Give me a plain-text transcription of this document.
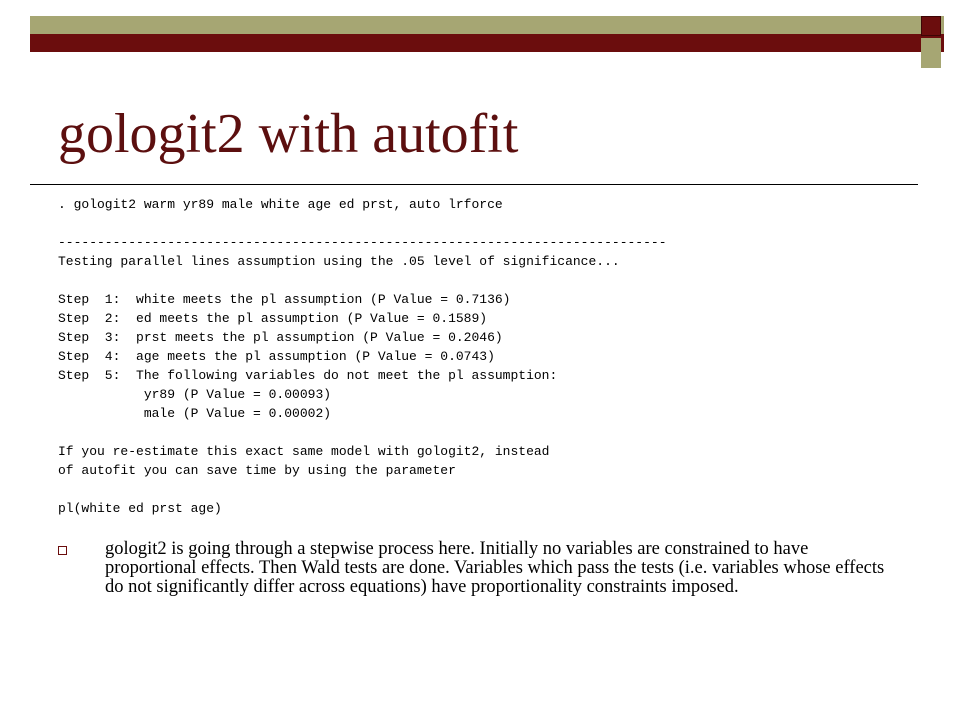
gologit2 with autofit
. gologit2 warm yr89 male white age ed prst, auto lrforce
------------------------------------------------------------------------------
Testing parallel lines assumption using the .05 level of significance...
Step  1:  white meets the pl assumption (P Value = 0.7136)
Step  2:  ed meets the pl assumption (P Value = 0.1589)
Step  3:  prst meets the pl assumption (P Value = 0.2046)
Step  4:  age meets the pl assumption (P Value = 0.0743)
Step  5:  The following variables do not meet the pl assumption:
yr89 (P Value = 0.00093)
male (P Value = 0.00002)
If you re-estimate this exact same model with gologit2, instead
of autofit you can save time by using the parameter
pl(white ed prst age)

gologit2 is going through a stepwise process here. Initially no variables are constrained to have proportional effects. Then Wald tests are done. Variables which pass the tests (i.e. variables whose effects do not significantly differ across equations) have proportionality constraints imposed.
